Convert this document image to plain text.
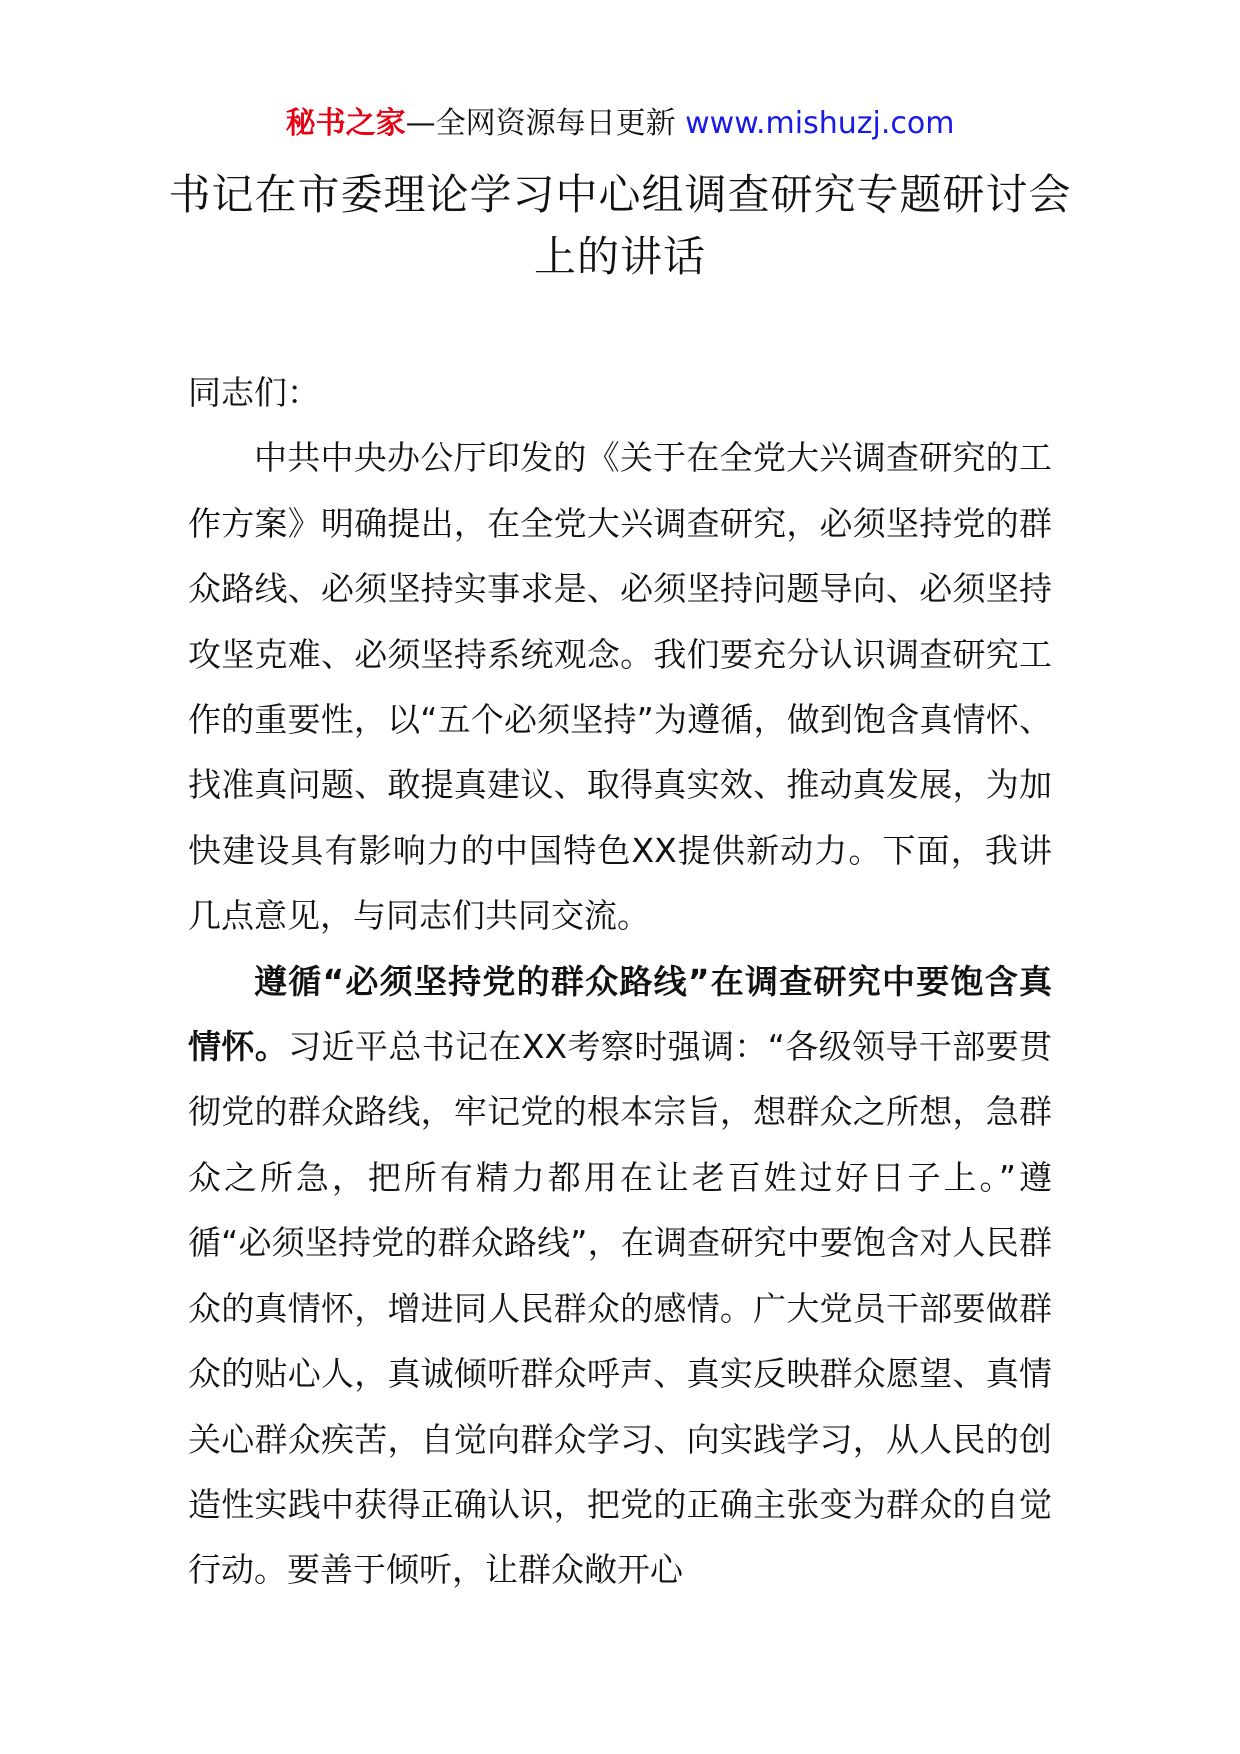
秘书之家—全网资源每日更新 www.mishuzj.com
书记在市委理论学习中心组调查研究专题研讨会上的讲话

同志们：

中共中央办公厅印发的《关于在全党大兴调查研究的工作方案》明确提出，在全党大兴调查研究，必须坚持党的群众路线、必须坚持实事求是、必须坚持问题导向、必须坚持攻坚克难、必须坚持系统观念。我们要充分认识调查研究工作的重要性，以“五个必须坚持”为遵循，做到饱含真情怀、找准真问题、敢提真建议、取得真实效、推动真发展，为加快建设具有影响力的中国特色XX提供新动力。下面，我讲几点意见，与同志们共同交流。

遵循“必须坚持党的群众路线”在调查研究中要饱含真情怀。习近平总书记在XX考察时强调：“各级领导干部要贯彻党的群众路线，牢记党的根本宗旨，想群众之所想，急群众之所急，把所有精力都用在让老百姓过好日子上。”遵循“必须坚持党的群众路线”，在调查研究中要饱含对人民群众的真情怀，增进同人民群众的感情。广大党员干部要做群众的贴心人，真诚倾听群众呼声、真实反映群众愿望、真情关心群众疾苦，自觉向群众学习、向实践学习，从人民的创造性实践中获得正确认识，把党的正确主张变为群众的自觉行动。要善于倾听，让群众敞开心
